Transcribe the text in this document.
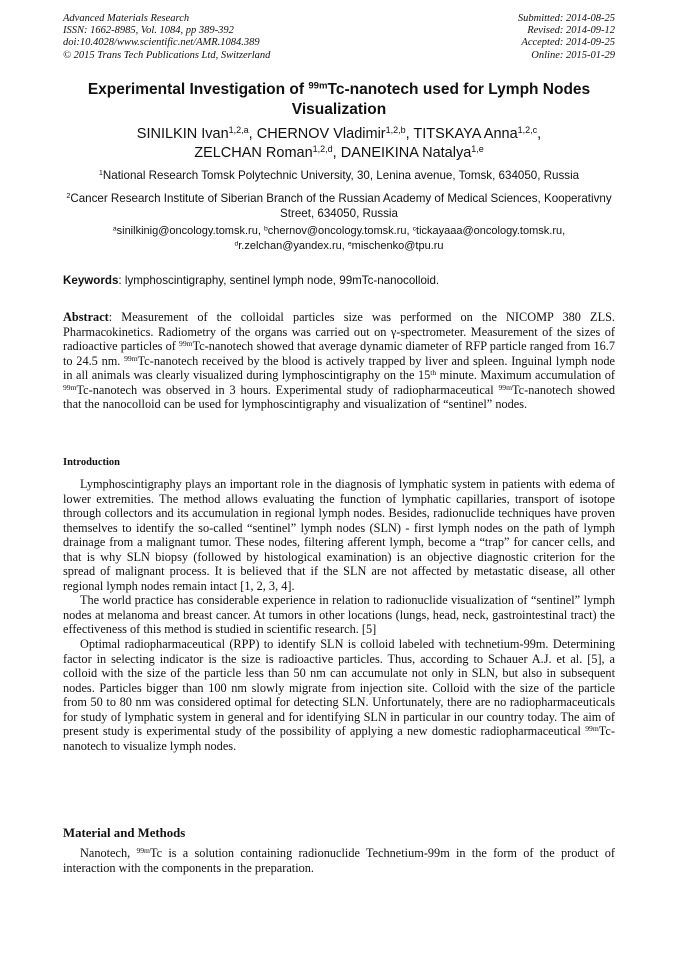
Advanced Materials Research
ISSN: 1662-8985, Vol. 1084, pp 389-392
doi:10.4028/www.scientific.net/AMR.1084.389
© 2015 Trans Tech Publications Ltd, Switzerland
Submitted: 2014-08-25
Revised: 2014-09-12
Accepted: 2014-09-25
Online: 2015-01-29
Experimental Investigation of $^{99m}$Tc-nanotech used for Lymph Nodes Visualization
SINILKIN Ivan$^{1,2,a}$, CHERNOV Vladimir$^{1,2,b}$, TITSKAYA Anna$^{1,2,c}$,
ZELCHAN Roman$^{1,2,d}$, DANEIKINA Natalya$^{1,e}$
$^1$National Research Tomsk Polytechnic University, 30, Lenina avenue, Tomsk, 634050, Russia
$^2$Cancer Research Institute of Siberian Branch of the Russian Academy of Medical Sciences, Kooperativny Street, 634050, Russia
$^a$sinilkinig@oncology.tomsk.ru, $^b$chernov@oncology.tomsk.ru, $^c$tickayaaa@oncology.tomsk.ru,
$^d$r.zelchan@yandex.ru, $^e$mischenko@tpu.ru
Keywords: lymphoscintigraphy, sentinel lymph node, 99mTc-nanocolloid.
Abstract: Measurement of the colloidal particles size was performed on the NICOMP 380 ZLS. Pharmacokinetics. Radiometry of the organs was carried out on γ-spectrometer. Measurement of the sizes of radioactive particles of $^{99m}$Tc-nanotech showed that average dynamic diameter of RFP particle ranged from 16.7 to 24.5 nm. $^{99m}$Tc-nanotech received by the blood is actively trapped by liver and spleen. Inguinal lymph node in all animals was clearly visualized during lymphoscintigraphy on the 15th minute. Maximum accumulation of $^{99m}$Tc-nanotech was observed in 3 hours. Experimental study of radiopharmaceutical $^{99m}$Tc-nanotech showed that the nanocolloid can be used for lymphoscintigraphy and visualization of “sentinel” nodes.
Introduction

Lymphoscintigraphy plays an important role in the diagnosis of lymphatic system in patients with edema of lower extremities. The method allows evaluating the function of lymphatic capillaries, transport of isotope through collectors and its accumulation in regional lymph nodes. Besides, radionuclide techniques have proven themselves to identify the so-called “sentinel” lymph nodes (SLN) - first lymph nodes on the path of lymph drainage from a malignant tumor. These nodes, filtering afferent lymph, become a “trap” for cancer cells, and that is why SLN biopsy (followed by histological examination) is an objective diagnostic criterion for the spread of malignant process. It is believed that if the SLN are not affected by metastatic disease, all other regional lymph nodes remain intact [1, 2, 3, 4].

The world practice has considerable experience in relation to radionuclide visualization of “sentinel” lymph nodes at melanoma and breast cancer. At tumors in other locations (lungs, head, neck, gastrointestinal tract) the effectiveness of this method is studied in scientific research. [5]

Optimal radiopharmaceutical (RPP) to identify SLN is colloid labeled with technetium-99m. Determining factor in selecting indicator is the size is radioactive particles. Thus, according to Schauer A.J. et al. [5], a colloid with the size of the particle less than 50 nm can accumulate not only in SLN, but also in subsequent nodes. Particles bigger than 100 nm slowly migrate from injection site. Colloid with the size of the particle from 50 to 80 nm was considered optimal for detecting SLN. Unfortunately, there are no radiopharmaceuticals for study of lymphatic system in general and for identifying SLN in particular in our country today. The aim of present study is experimental study of the possibility of applying a new domestic radiopharmaceutical $^{99m}$Tc-nanotech to visualize lymph nodes.

Material and Methods

Nanotech, $^{99m}$Tc is a solution containing radionuclide Technetium-99m in the form of the product of interaction with the components in the preparation.
